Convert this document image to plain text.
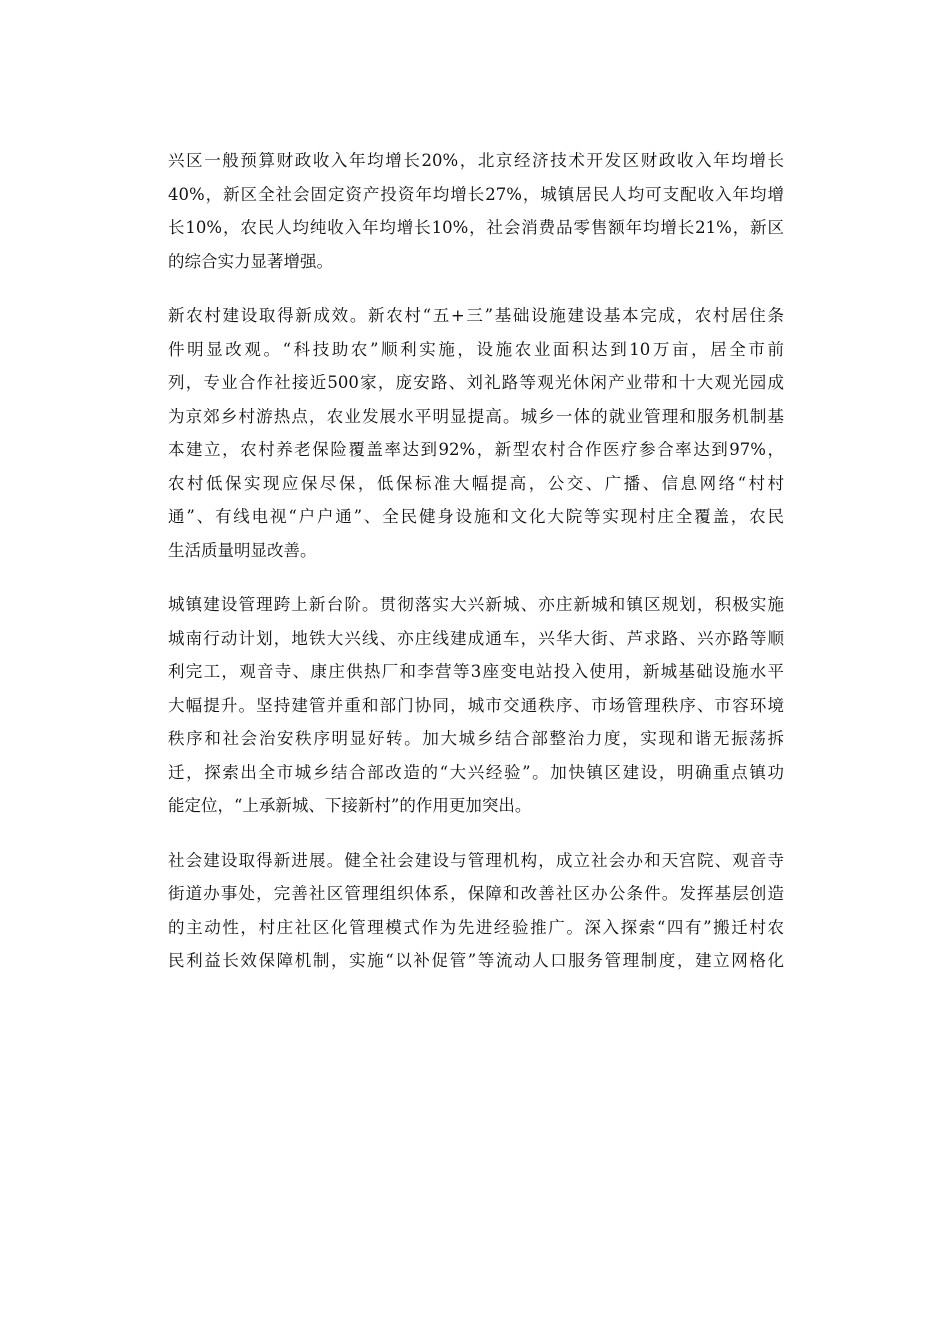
兴区一般预算财政收入年均增长20%，北京经济技术开发区财政收入年均增长
40%，新区全社会固定资产投资年均增长27%，城镇居民人均可支配收入年均增
长10%，农民人均纯收入年均增长10%，社会消费品零售额年均增长21%，新区
的综合实力显著增强。
新农村建设取得新成效。新农村“五+三”基础设施建设基本完成，农村居住条
件明显改观。“科技助农”顺利实施，设施农业面积达到10万亩，居全市前
列，专业合作社接近500家，庞安路、刘礼路等观光休闲产业带和十大观光园成
为京郊乡村游热点，农业发展水平明显提高。城乡一体的就业管理和服务机制基
本建立，农村养老保险覆盖率达到92%，新型农村合作医疗参合率达到97%，
农村低保实现应保尽保，低保标准大幅提高，公交、广播、信息网络“村村
通”、有线电视“户户通”、全民健身设施和文化大院等实现村庄全覆盖，农民
生活质量明显改善。
城镇建设管理跨上新台阶。贯彻落实大兴新城、亦庄新城和镇区规划，积极实施
城南行动计划，地铁大兴线、亦庄线建成通车，兴华大街、芦求路、兴亦路等顺
利完工，观音寺、康庄供热厂和李营等3座变电站投入使用，新城基础设施水平
大幅提升。坚持建管并重和部门协同，城市交通秩序、市场管理秩序、市容环境
秩序和社会治安秩序明显好转。加大城乡结合部整治力度，实现和谐无振荡拆
迁，探索出全市城乡结合部改造的“大兴经验”。加快镇区建设，明确重点镇功
能定位，“上承新城、下接新村”的作用更加突出。
社会建设取得新进展。健全社会建设与管理机构，成立社会办和天宫院、观音寺
街道办事处，完善社区管理组织体系，保障和改善社区办公条件。发挥基层创造
的主动性，村庄社区化管理模式作为先进经验推广。深入探索“四有”搬迁村农
民利益长效保障机制，实施“以补促管”等流动人口服务管理制度，建立网格化
